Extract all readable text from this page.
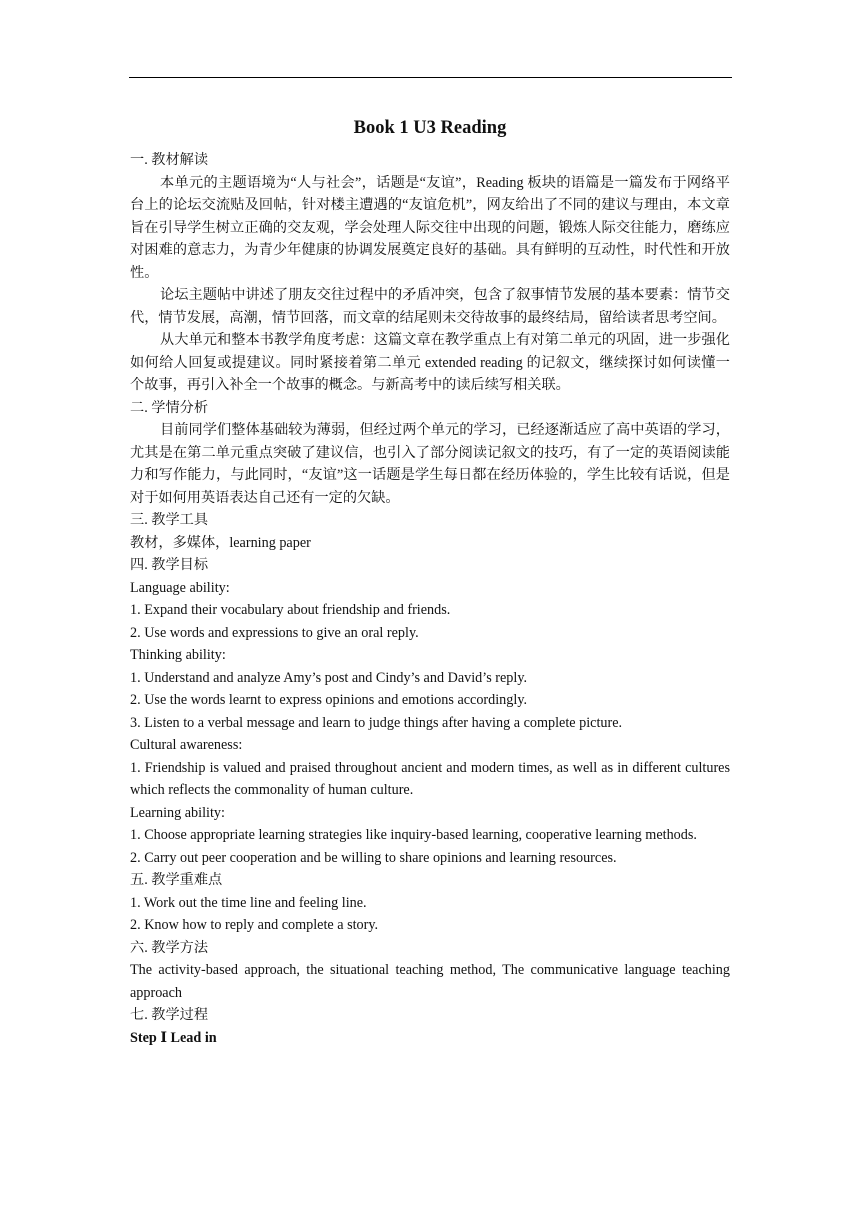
Book 1 U3 Reading

一. 教材解读

本单元的主题语境为“人与社会”，话题是“友谊”，Reading 板块的语篇是一篇发布于网络平台上的论坛交流贴及回帖，针对楼主遭遇的“友谊危机”，网友给出了不同的建议与理由，本文章旨在引导学生树立正确的交友观，学会处理人际交往中出现的问题，锻炼人际交往能力，磨练应对困难的意志力，为青少年健康的协调发展奠定良好的基础。具有鲜明的互动性，时代性和开放性。

论坛主题帖中讲述了朋友交往过程中的矛盾冲突，包含了叙事情节发展的基本要素：情节交代，情节发展，高潮，情节回落，而文章的结尾则未交待故事的最终结局，留给读者思考空间。

从大单元和整本书教学角度考虑：这篇文章在教学重点上有对第二单元的巩固，进一步强化如何给人回复或提建议。同时紧接着第二单元 extended reading 的记叙文，继续探讨如何读懂一个故事，再引入补全一个故事的概念。与新高考中的读后续写相关联。

二. 学情分析

目前同学们整体基础较为薄弱，但经过两个单元的学习，已经逐渐适应了高中英语的学习，尤其是在第二单元重点突破了建议信，也引入了部分阅读记叙文的技巧，有了一定的英语阅读能力和写作能力，与此同时，“友谊”这一话题是学生每日都在经历体验的，学生比较有话说，但是对于如何用英语表达自己还有一定的欠缺。

三. 教学工具

教材，多媒体，learning paper

四. 教学目标

Language ability:

1. Expand their vocabulary about friendship and friends.

2. Use words and expressions to give an oral reply.

Thinking ability:

1. Understand and analyze Amy’s post and Cindy’s and David’s reply.

2. Use the words learnt to express opinions and emotions accordingly.

3. Listen to a verbal message and learn to judge things after having a complete picture.

Cultural awareness:

1. Friendship is valued and praised throughout ancient and modern times, as well as in different cultures which reflects the commonality of human culture.

Learning ability:

1. Choose appropriate learning strategies like inquiry-based learning, cooperative learning methods.

2. Carry out peer cooperation and be willing to share opinions and learning resources.

五. 教学重难点

1. Work out the time line and feeling line.

2. Know how to reply and complete a story.

六. 教学方法

The activity-based approach, the situational teaching method, The communicative language teaching approach

七. 教学过程

Step Ⅰ Lead in
